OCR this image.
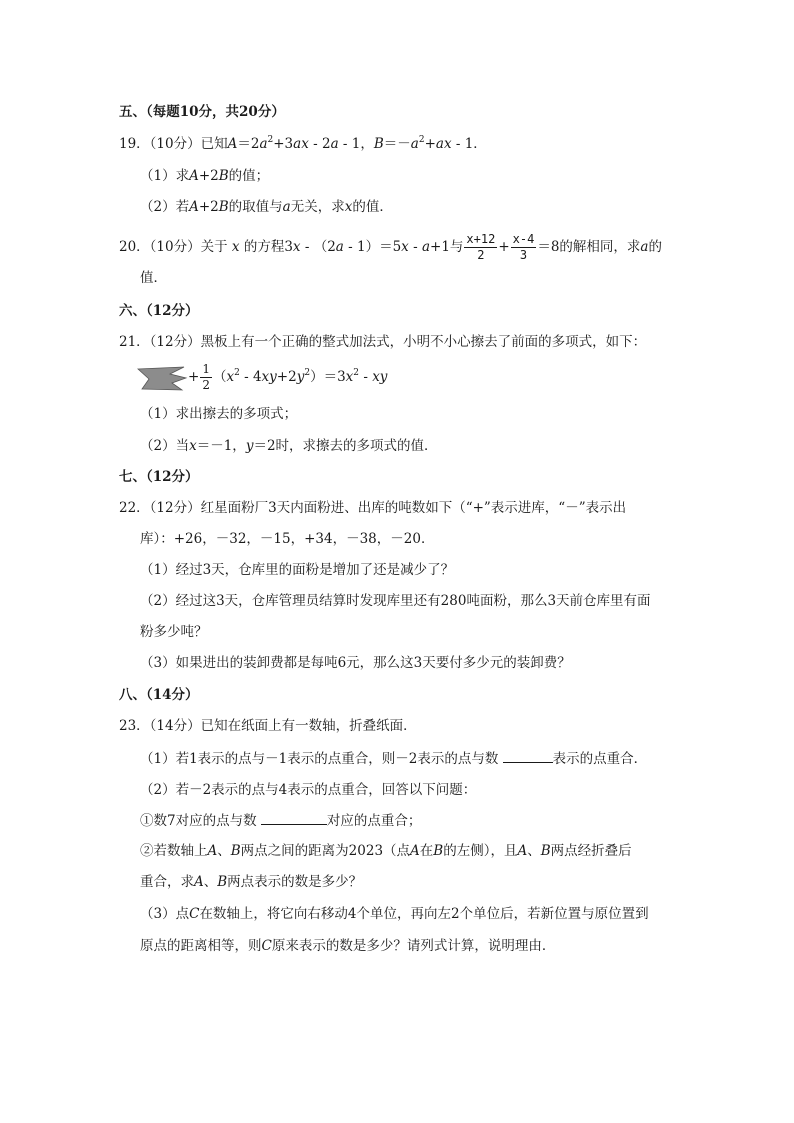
五、（每题10分，共20分）
19．（10分）已知$A=2a^2+3ax - 2a - 1$，$B=-a^2+ax - 1$．
（1）求A+2B的值；
（2）若A+2B的取值与a无关，求x的值．
20．（10分）关于 x 的方程3x - （2a - 1）＝5x - a+1与 $\frac{x+12}{2} + \frac{x-4}{3} =8$的解相同，求a的
值．
六、（12分）
21．（12分）黑板上有一个正确的整式加法式，小明不小心擦去了前面的多项式，如下：
+ $\frac{1}{2} (x^2 - 4xy+2y^2)=3x^2$ - xy
（1）求出擦去的多项式；
（2）当x＝－1，y＝2时，求擦去的多项式的值．
七、（12分）
22．（12分）红星面粉厂3天内面粉进、出库的吨数如下（“+”表示进库，“－”表示出
库）：+26，－32，－15，+34，－38，－20．
（1）经过3天，仓库里的面粉是增加了还是减少了？
（2）经过这3天，仓库管理员结算时发现库里还有280吨面粉，那么3天前仓库里有面
粉多少吨？
（3）如果进出的装卸费都是每吨6元，那么这3天要付多少元的装卸费？
八、（14分）
23．（14分）已知在纸面上有一数轴，折叠纸面．
（1）若1表示的点与－1表示的点重合，则－2表示的点与数	表示的点重合．
（2）若－2表示的点与4表示的点重合，回答以下问题：
①数7对应的点与数	对应的点重合；
②若数轴上A、B两点之间的距离为2023（点A在B的左侧），且A、B两点经折叠后
重合，求A、B两点表示的数是多少？
（3）点C在数轴上，将它向右移动4个单位，再向左2个单位后，若新位置与原位置到
原点的距离相等，则C原来表示的数是多少？请列式计算，说明理由．
